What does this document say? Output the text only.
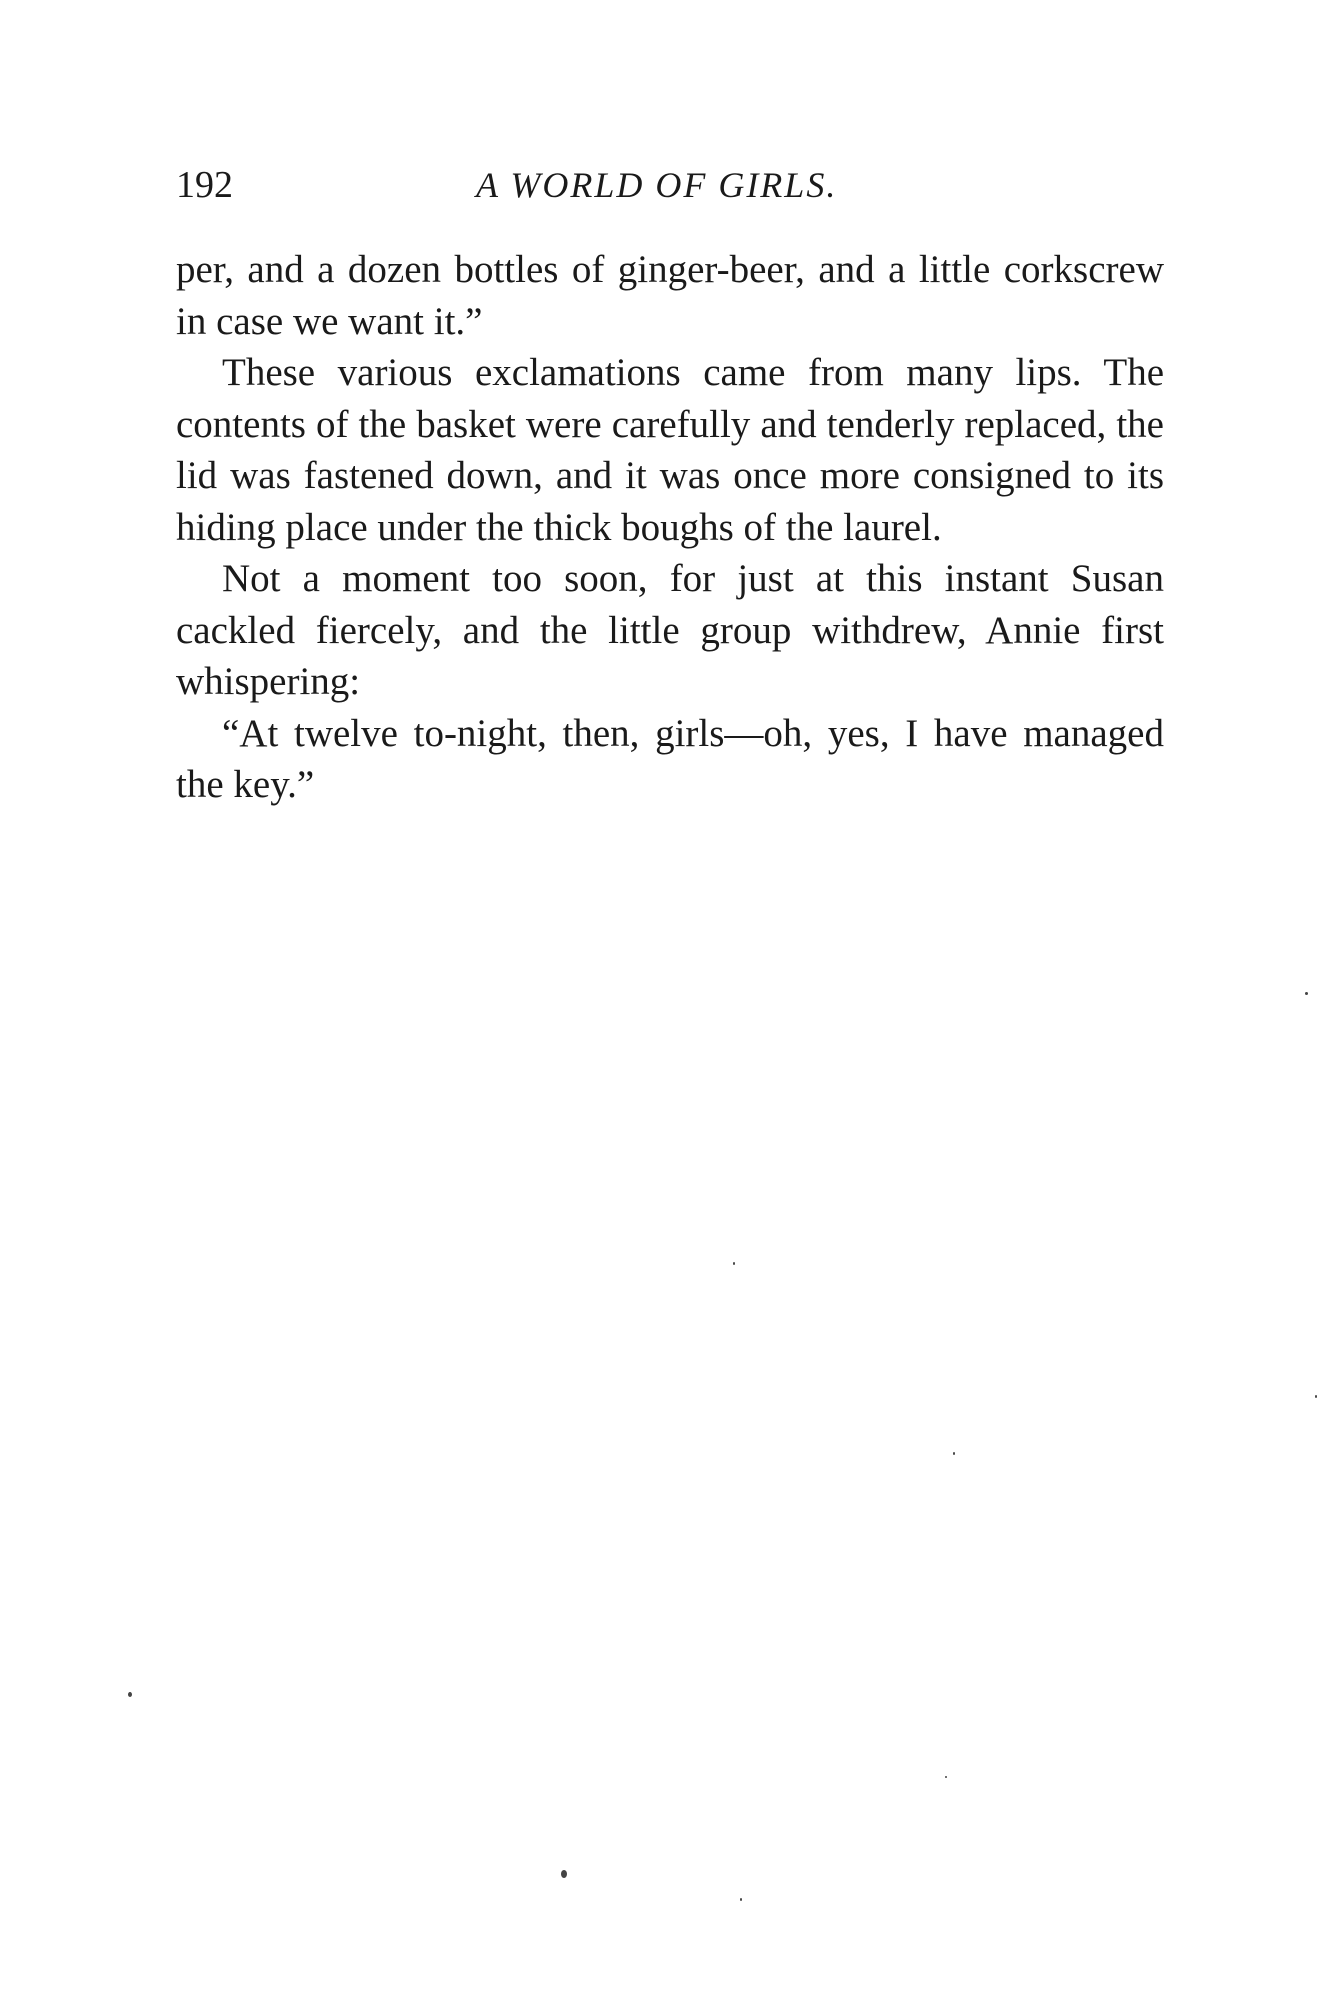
192	A WORLD OF GIRLS.

per, and a dozen bottles of ginger-beer, and a little corkscrew in case we want it.”

These various exclamations came from many lips. The contents of the basket were carefully and tenderly replaced, the lid was fastened down, and it was once more consigned to its hiding place under the thick boughs of the laurel.

Not a moment too soon, for just at this instant Susan cackled fiercely, and the little group withdrew, Annie first whispering:

“At twelve to-night, then, girls—oh, yes, I have managed the key.”
